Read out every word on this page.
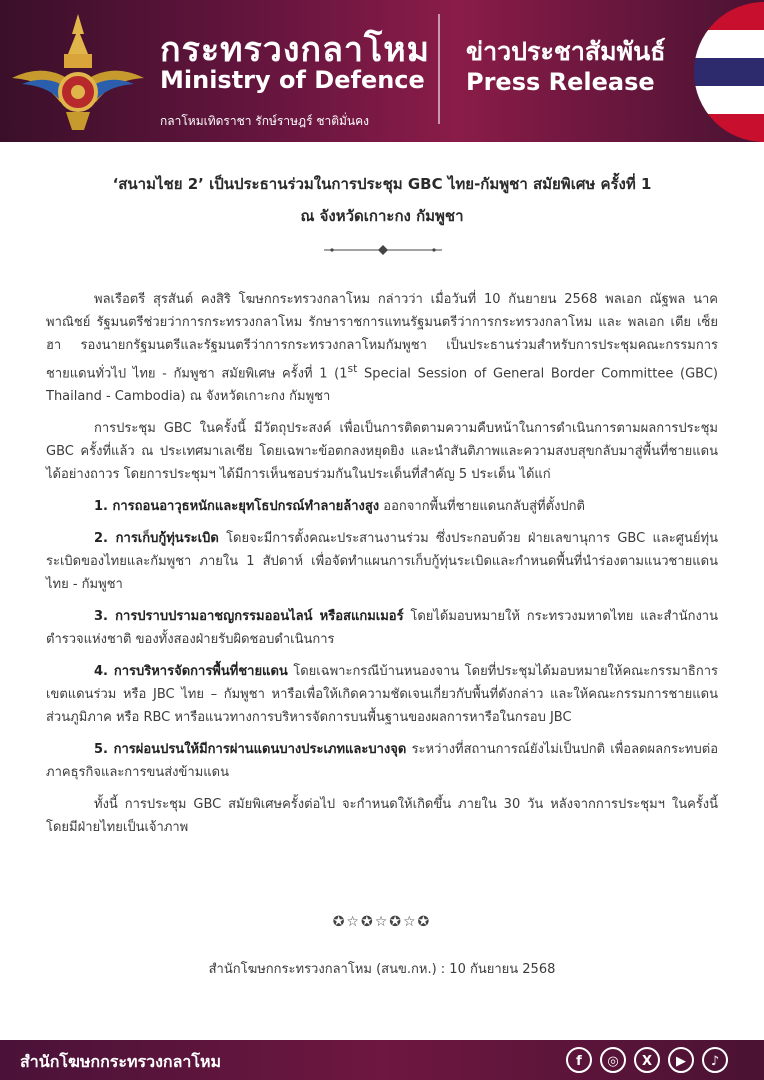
กระทรวงกลาโหม
Ministry of Defence
กลาโหมเทิดราชา รักษ์ราษฎร์ ชาติมั่นคง
ข่าวประชาสัมพันธ์
Press Release
‘สนามไชย 2’ เป็นประธานร่วมในการประชุม GBC ไทย-กัมพูชา สมัยพิเศษ ครั้งที่ 1
ณ จังหวัดเกาะกง กัมพูชา

พลเรือตรี สุรสันต์ คงสิริ โฆษกกระทรวงกลาโหม กล่าวว่า เมื่อวันที่ 10 กันยายน 2568 พลเอก ณัฐพล นาคพาณิชย์ รัฐมนตรีช่วยว่าการกระทรวงกลาโหม รักษาราชการแทนรัฐมนตรีว่าการกระทรวงกลาโหม และ พลเอก เตีย เซ็ย ฮา รองนายกรัฐมนตรีและรัฐมนตรีว่าการกระทรวงกลาโหมกัมพูชา เป็นประธานร่วมสำหรับการประชุมคณะกรรมการชายแดนทั่วไป ไทย - กัมพูชา สมัยพิเศษ ครั้งที่ 1 (1st Special Session of General Border Committee (GBC) Thailand - Cambodia) ณ จังหวัดเกาะกง กัมพูชา

การประชุม GBC ในครั้งนี้ มีวัตถุประสงค์ เพื่อเป็นการติดตามความคืบหน้าในการดำเนินการตามผลการประชุม GBC ครั้งที่แล้ว ณ ประเทศมาเลเซีย โดยเฉพาะข้อตกลงหยุดยิง และนำสันติภาพและความสงบสุขกลับมาสู่พื้นที่ชายแดนได้อย่างถาวร โดยการประชุมฯ ได้มีการเห็นชอบร่วมกันในประเด็นที่สำคัญ 5 ประเด็น ได้แก่

1. การถอนอาวุธหนักและยุทโธปกรณ์ทำลายล้างสูง ออกจากพื้นที่ชายแดนกลับสู่ที่ตั้งปกติ

2. การเก็บกู้ทุ่นระเบิด โดยจะมีการตั้งคณะประสานงานร่วม ซึ่งประกอบด้วย ฝ่ายเลขานุการ GBC และศูนย์ทุ่นระเบิดของไทยและกัมพูชา ภายใน 1 สัปดาห์ เพื่อจัดทำแผนการเก็บกู้ทุ่นระเบิดและกำหนดพื้นที่นำร่องตามแนวชายแดนไทย - กัมพูชา

3. การปราบปรามอาชญกรรมออนไลน์ หรือสแกมเมอร์ โดยได้มอบหมายให้ กระทรวงมหาดไทย และสำนักงานตำรวจแห่งชาติ ของทั้งสองฝ่ายรับผิดชอบดำเนินการ

4. การบริหารจัดการพื้นที่ชายแดน โดยเฉพาะกรณีบ้านหนองจาน โดยที่ประชุมได้มอบหมายให้คณะกรรมาธิการเขตแดนร่วม หรือ JBC ไทย – กัมพูชา หารือเพื่อให้เกิดความชัดเจนเกี่ยวกับพื้นที่ดังกล่าว และให้คณะกรรมการชายแดนส่วนภูมิภาค หรือ RBC หารือแนวทางการบริหารจัดการบนพื้นฐานของผลการหารือในกรอบ JBC

5. การผ่อนปรนให้มีการผ่านแดนบางประเภทและบางจุด ระหว่างที่สถานการณ์ยังไม่เป็นปกติ เพื่อลดผลกระทบต่อภาคธุรกิจและการขนส่งข้ามแดน

ทั้งนี้ การประชุม GBC สมัยพิเศษครั้งต่อไป จะกำหนดให้เกิดขึ้น ภายใน 30 วัน หลังจากการประชุมฯ ในครั้งนี้ โดยมีฝ่ายไทยเป็นเจ้าภาพ

✪☆✪☆✪☆✪
สำนักโฆษกกระทรวงกลาโหม (สนข.กห.) : 10 กันยายน 2568
สำนักโฆษกกระทรวงกลาโหม	f	◎	X	▶	♪
